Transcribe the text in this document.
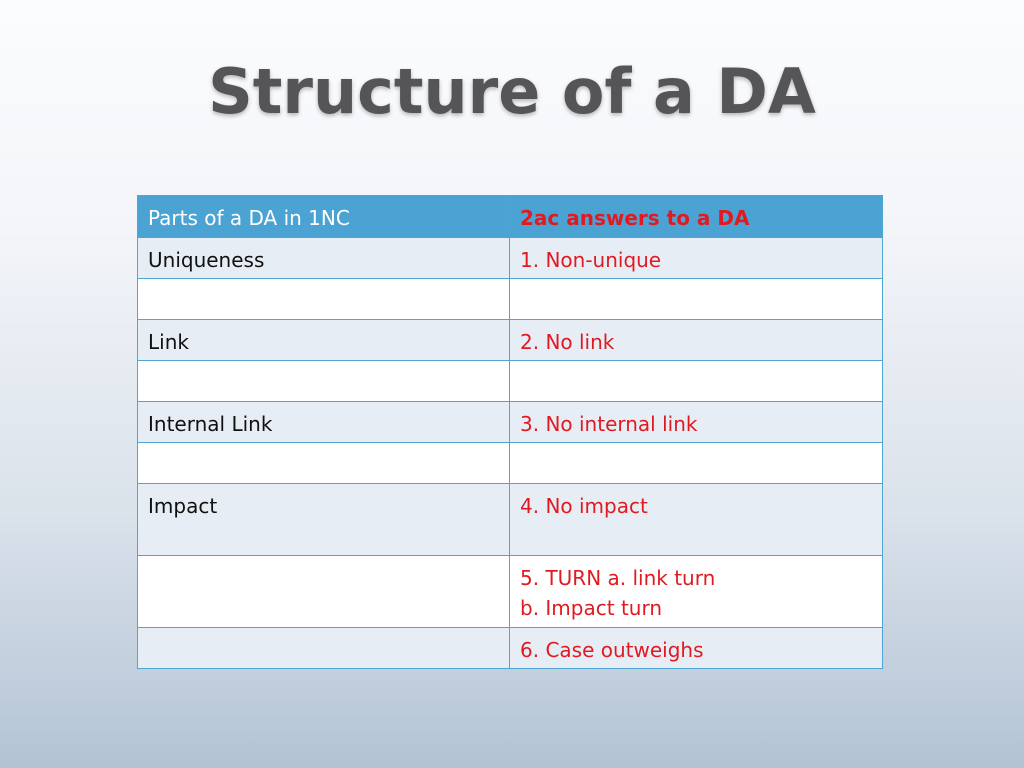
Structure of a DA
Parts of a DA in 1NC	2ac answers to a DA
Uniqueness	1. Non-unique

Link	2. No link

Internal Link	3. No internal link

Impact	4. No impact

	5. TURN a. link turn
b. Impact turn

	6. Case outweighs
